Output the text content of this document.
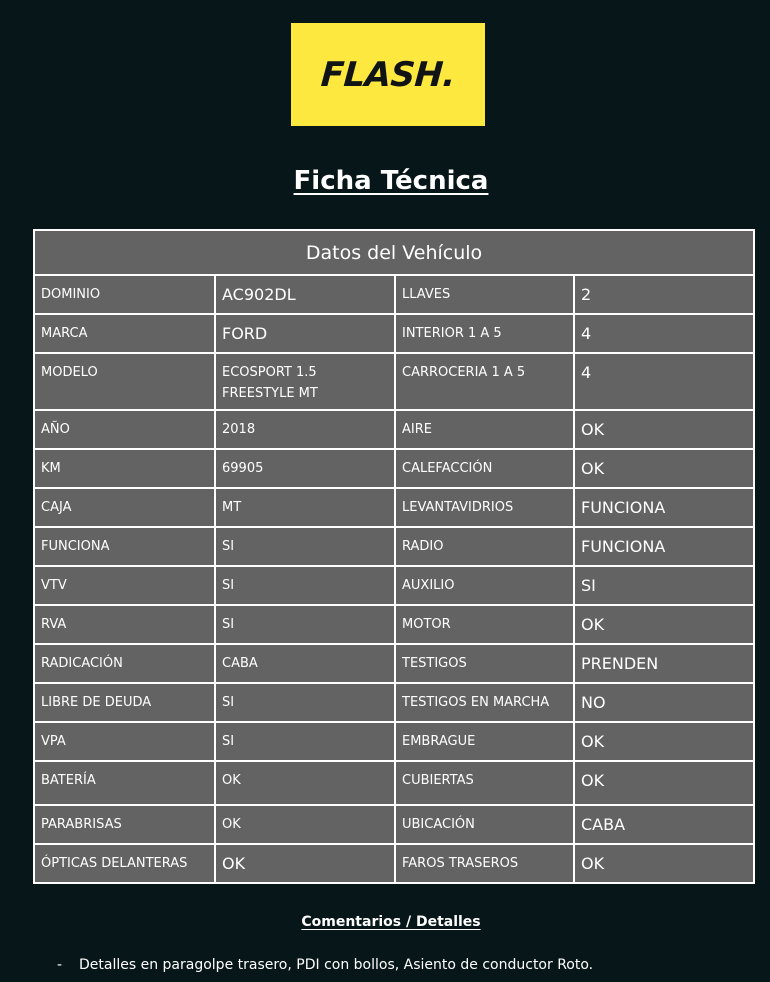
FLASH.
Ficha Técnica
Datos del Vehículo			
DOMINIO	AC902DL	LLAVES	2
MARCA	FORD	INTERIOR 1 A 5	4
MODELO	ECOSPORT 1.5 FREESTYLE MT	CARROCERIA 1 A 5	4
AÑO	2018	AIRE	OK
KM	69905	CALEFACCIÓN	OK
CAJA	MT	LEVANTAVIDRIOS	FUNCIONA
FUNCIONA	SI	RADIO	FUNCIONA
VTV	SI	AUXILIO	SI
RVA	SI	MOTOR	OK
RADICACIÓN	CABA	TESTIGOS	PRENDEN
LIBRE DE DEUDA	SI	TESTIGOS EN MARCHA	NO
VPA	SI	EMBRAGUE	OK
BATERÍA	OK	CUBIERTAS	OK
PARABRISAS	OK	UBICACIÓN	CABA
ÓPTICAS DELANTERAS	OK	FAROS TRASEROS	OK
Comentarios / Detalles
- Detalles en paragolpe trasero, PDI con bollos, Asiento de conductor Roto.
